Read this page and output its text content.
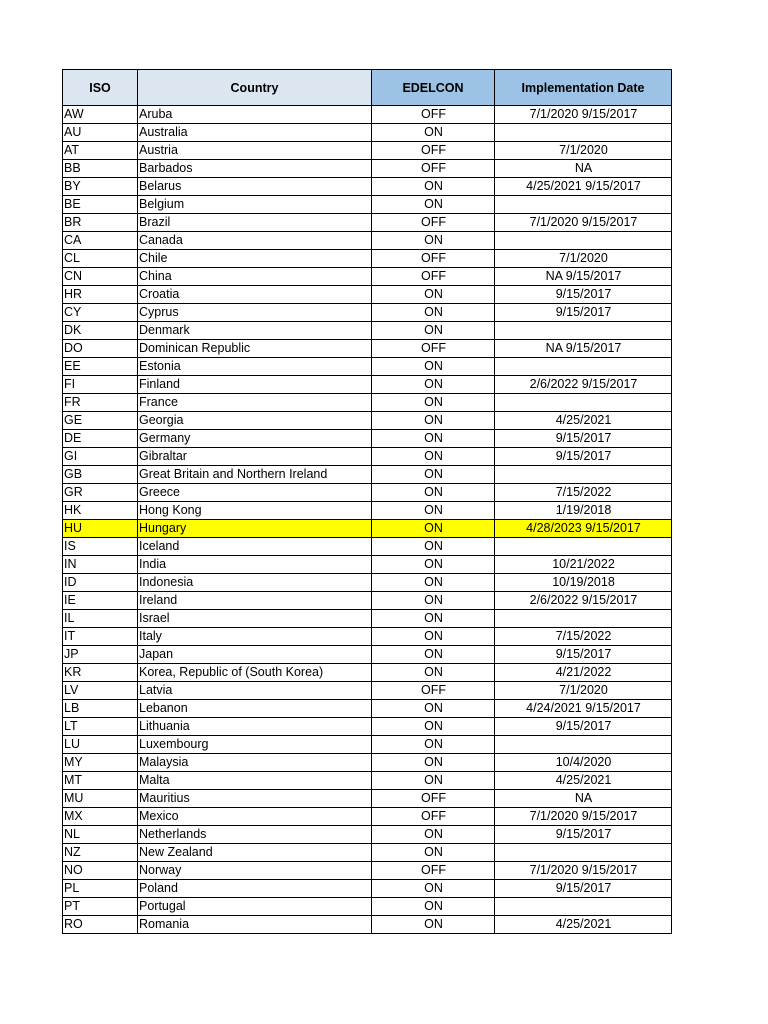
ISO	Country	EDELCON	Implementation Date
AW	Aruba	OFF	7/1/2020 9/15/2017
AU	Australia	ON	
AT	Austria	OFF	7/1/2020
BB	Barbados	OFF	NA
BY	Belarus	ON	4/25/2021 9/15/2017
BE	Belgium	ON	
BR	Brazil	OFF	7/1/2020 9/15/2017
CA	Canada	ON	
CL	Chile	OFF	7/1/2020
CN	China	OFF	NA 9/15/2017
HR	Croatia	ON	9/15/2017
CY	Cyprus	ON	9/15/2017
DK	Denmark	ON	
DO	Dominican Republic	OFF	NA 9/15/2017
EE	Estonia	ON	
FI	Finland	ON	2/6/2022 9/15/2017
FR	France	ON	
GE	Georgia	ON	4/25/2021
DE	Germany	ON	9/15/2017
GI	Gibraltar	ON	9/15/2017
GB	Great Britain and Northern Ireland	ON	
GR	Greece	ON	7/15/2022
HK	Hong Kong	ON	1/19/2018
HU	Hungary	ON	4/28/2023 9/15/2017
IS	Iceland	ON	
IN	India	ON	10/21/2022
ID	Indonesia	ON	10/19/2018
IE	Ireland	ON	2/6/2022 9/15/2017
IL	Israel	ON	
IT	Italy	ON	7/15/2022
JP	Japan	ON	9/15/2017
KR	Korea, Republic of (South Korea)	ON	4/21/2022
LV	Latvia	OFF	7/1/2020
LB	Lebanon	ON	4/24/2021 9/15/2017
LT	Lithuania	ON	9/15/2017
LU	Luxembourg	ON	
MY	Malaysia	ON	10/4/2020
MT	Malta	ON	4/25/2021
MU	Mauritius	OFF	NA
MX	Mexico	OFF	7/1/2020 9/15/2017
NL	Netherlands	ON	9/15/2017
NZ	New Zealand	ON	
NO	Norway	OFF	7/1/2020 9/15/2017
PL	Poland	ON	9/15/2017
PT	Portugal	ON	
RO	Romania	ON	4/25/2021
